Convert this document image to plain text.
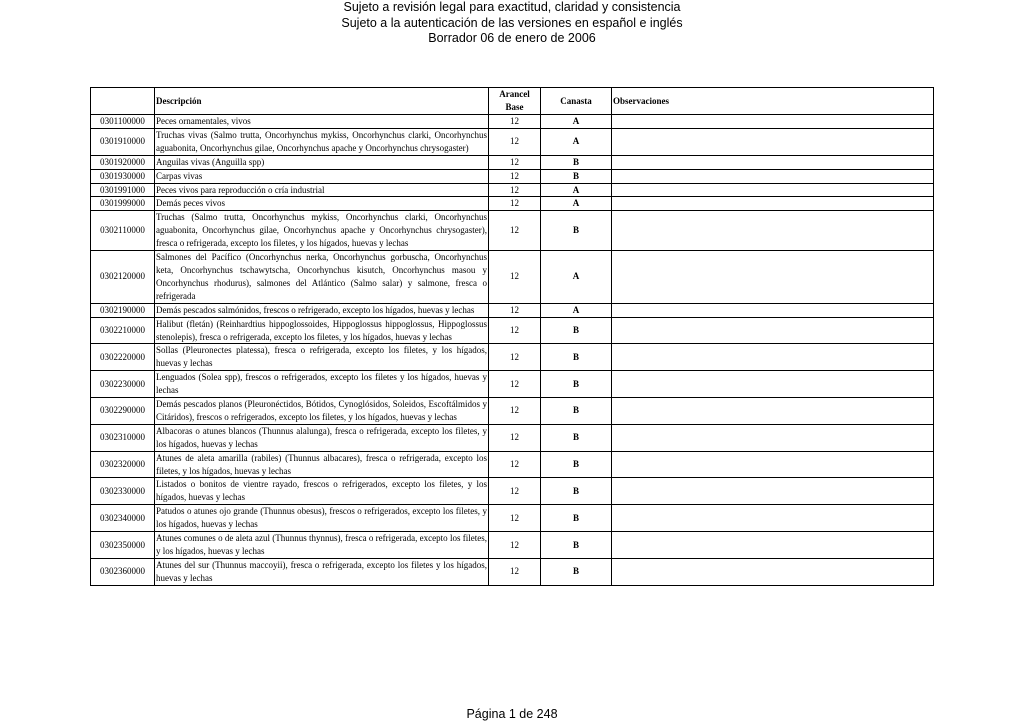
Sujeto a revisión legal para exactitud, claridad y consistencia
Sujeto a la autenticación de las versiones en español e inglés
Borrador 06 de enero de 2006
	Descripción	Arancel Base	Canasta	Observaciones
0301100000	Peces ornamentales, vivos	12	A	
0301910000	Truchas vivas (Salmo trutta, Oncorhynchus mykiss, Oncorhynchus clarki, Oncorhynchus aguabonita, Oncorhynchus gilae, Oncorhynchus apache y Oncorhynchus chrysogaster)	12	A	
0301920000	Anguilas vivas (Anguilla spp)	12	B	
0301930000	Carpas vivas	12	B	
0301991000	Peces vivos para reproducción o cría industrial	12	A	
0301999000	Demás peces vivos	12	A	
0302110000	Truchas (Salmo trutta, Oncorhynchus mykiss, Oncorhynchus clarki, Oncorhynchus aguabonita, Oncorhynchus gilae, Oncorhynchus apache y Oncorhynchus chrysogaster), fresca o refrigerada, excepto los filetes, y los hígados, huevas y lechas	12	B	
0302120000	Salmones del Pacífico (Oncorhynchus nerka, Oncorhynchus gorbuscha, Oncorhynchus keta, Oncorhynchus tschawytscha, Oncorhynchus kisutch, Oncorhynchus masou y Oncorhynchus rhodurus), salmones del Atlántico (Salmo salar) y salmone, fresca o refrigerada	12	A	
0302190000	Demás pescados salmónidos, frescos o refrigerado, excepto los hígados, huevas y lechas	12	A	
0302210000	Halibut (fletán) (Reinhardtius hippoglossoides, Hippoglossus hippoglossus, Hippoglossus stenolepis), fresca o refrigerada, excepto los filetes, y los hígados, huevas y lechas	12	B	
0302220000	Sollas (Pleuronectes platessa), fresca o refrigerada, excepto los filetes, y los hígados, huevas y lechas	12	B	
0302230000	Lenguados (Solea spp), frescos o refrigerados, excepto los filetes y los hígados, huevas y lechas	12	B	
0302290000	Demás pescados planos (Pleuronéctidos, Bótidos, Cynoglósidos, Soleidos, Escoftálmidos y Citáridos), frescos o refrigerados, excepto los filetes, y los hígados, huevas y lechas	12	B	
0302310000	Albacoras o atunes blancos (Thunnus alalunga), fresca o refrigerada, excepto los filetes, y los hígados, huevas y lechas	12	B	
0302320000	Atunes de aleta amarilla (rabiles) (Thunnus albacares), fresca o refrigerada, excepto los filetes, y los hígados, huevas y lechas	12	B	
0302330000	Listados o bonitos de vientre rayado, frescos o refrigerados, excepto los filetes, y los hígados, huevas y lechas	12	B	
0302340000	Patudos o atunes ojo grande (Thunnus obesus), frescos o refrigerados, excepto los filetes, y los hígados, huevas y lechas	12	B	
0302350000	Atunes comunes o de aleta azul (Thunnus thynnus), fresca o refrigerada, excepto los filetes, y los hígados, huevas y lechas	12	B	
0302360000	Atunes del sur (Thunnus maccoyii), fresca o refrigerada, excepto los filetes y los hígados, huevas y lechas	12	B	
Página 1 de 248
